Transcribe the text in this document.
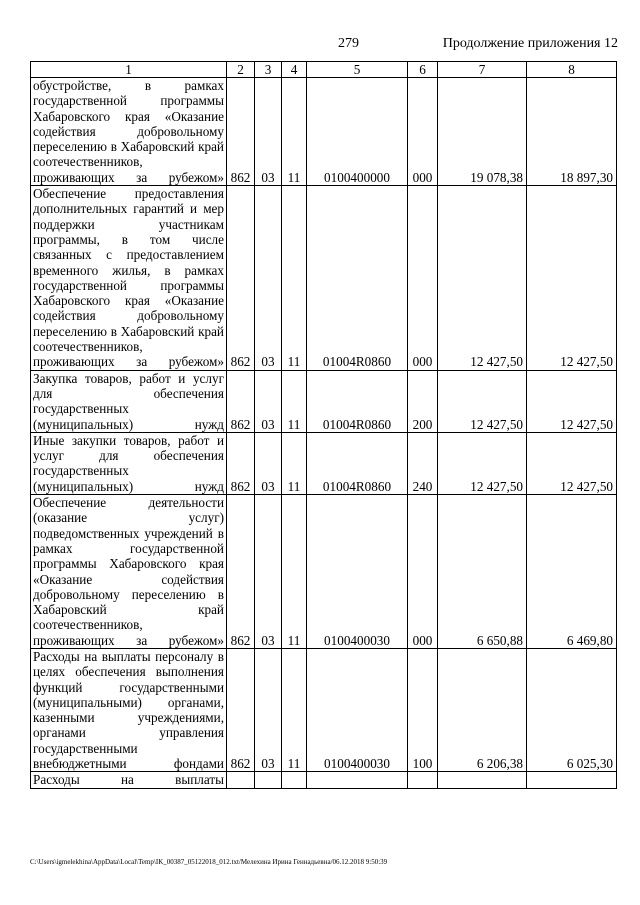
279	Продолжение приложения 12
1	2	3	4	5	6	7	8
обустройстве, в рамках государственной программы Хабаровского края «Оказание содействия добровольному переселению в Хабаровский край соотечественников, проживающих за рубежом»	862	03	11	0100400000	000	19 078,38	18 897,30
Обеспечение предоставления дополнительных гарантий и мер поддержки участникам программы, в том числе связанных с предоставлением временного жилья, в рамках государственной программы Хабаровского края «Оказание содействия добровольному переселению в Хабаровский край соотечественников, проживающих за рубежом»	862	03	11	01004R0860	000	12 427,50	12 427,50
Закупка товаров, работ и услуг для обеспечения государственных (муниципальных) нужд	862	03	11	01004R0860	200	12 427,50	12 427,50
Иные закупки товаров, работ и услуг для обеспечения государственных (муниципальных) нужд	862	03	11	01004R0860	240	12 427,50	12 427,50
Обеспечение деятельности (оказание услуг) подведомственных учреждений в рамках государственной программы Хабаровского края «Оказание содействия добровольному переселению в Хабаровский край соотечественников, проживающих за рубежом»	862	03	11	0100400030	000	6 650,88	6 469,80
Расходы на выплаты персоналу в целях обеспечения выполнения функций государственными (муниципальными) органами, казенными учреждениями, органами управления государственными внебюджетными фондами	862	03	11	0100400030	100	6 206,38	6 025,30
Расходы на выплаты							
C:\Users\igmelekhina\AppData\Local\Temp\IK_00387_05122018_012.txt/Мелехина Ирина Геннадьевна/06.12.2018 9:50:39
